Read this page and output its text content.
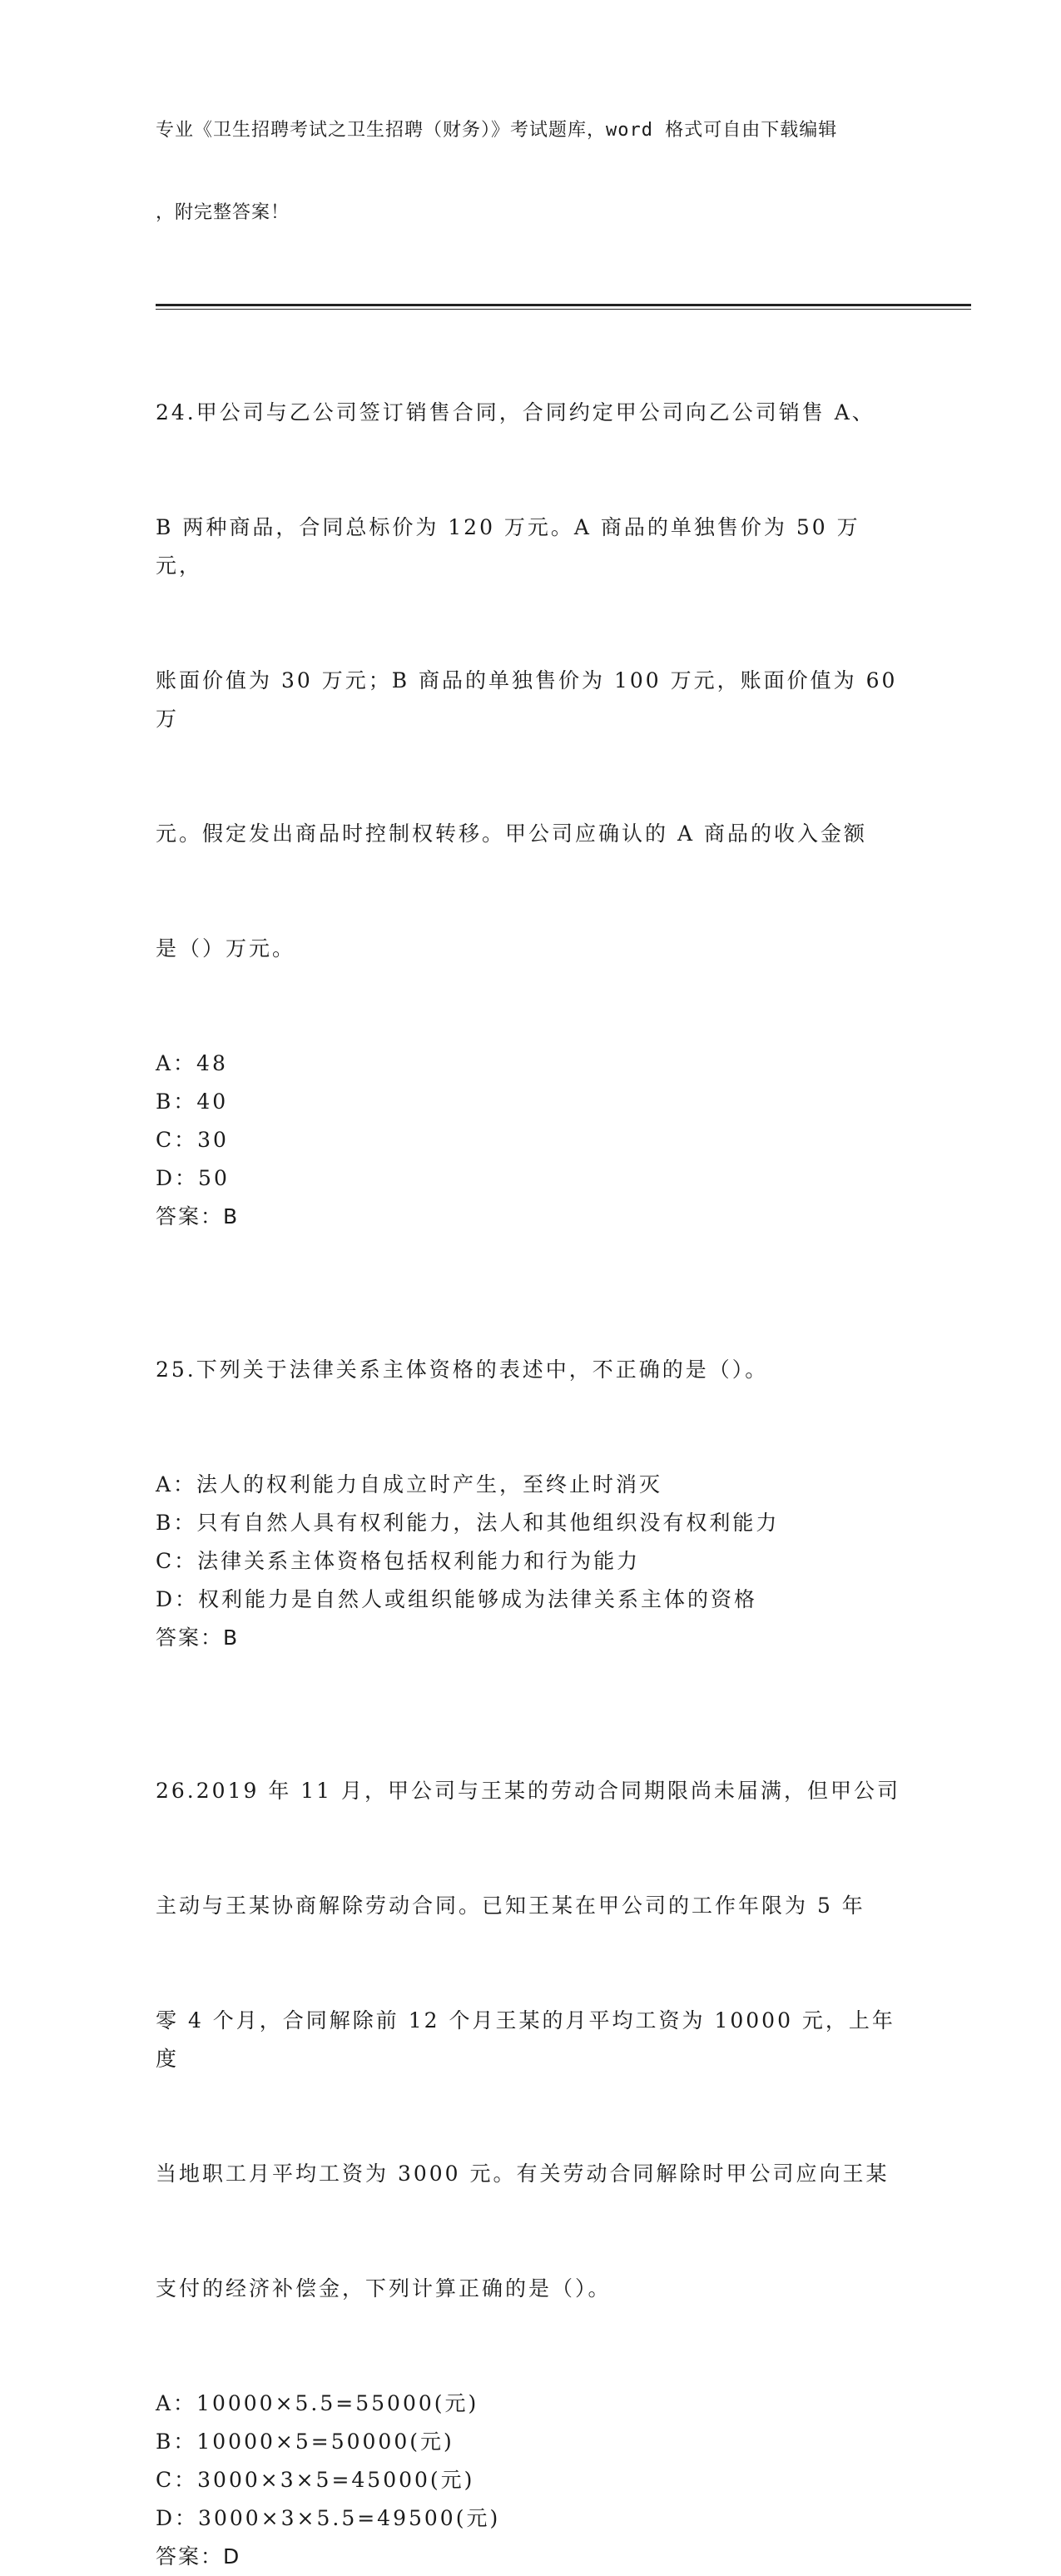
专业《卫生招聘考试之卫生招聘（财务）》考试题库，word 格式可自由下载编辑

，附完整答案！

24.甲公司与乙公司签订销售合同，合同约定甲公司向乙公司销售 A、

B 两种商品，合同总标价为 120 万元。A 商品的单独售价为 50 万元，

账面价值为 30 万元；B 商品的单独售价为 100 万元，账面价值为 60 万

元。假定发出商品时控制权转移。甲公司应确认的 A 商品的收入金额

是（）万元。

A：48
B：40
C：30
D：50
答案：B

25.下列关于法律关系主体资格的表述中，不正确的是（）。

A：法人的权利能力自成立时产生，至终止时消灭
B：只有自然人具有权利能力，法人和其他组织没有权利能力
C：法律关系主体资格包括权利能力和行为能力
D：权利能力是自然人或组织能够成为法律关系主体的资格
答案：B

26.2019 年 11 月，甲公司与王某的劳动合同期限尚未届满，但甲公司

主动与王某协商解除劳动合同。已知王某在甲公司的工作年限为 5 年

零 4 个月，合同解除前 12 个月王某的月平均工资为 10000 元，上年度

当地职工月平均工资为 3000 元。有关劳动合同解除时甲公司应向王某

支付的经济补偿金，下列计算正确的是（）。

A：10000×5.5=55000(元)
B：10000×5=50000(元)
C：3000×3×5=45000(元)
D：3000×3×5.5=49500(元)
答案：D
